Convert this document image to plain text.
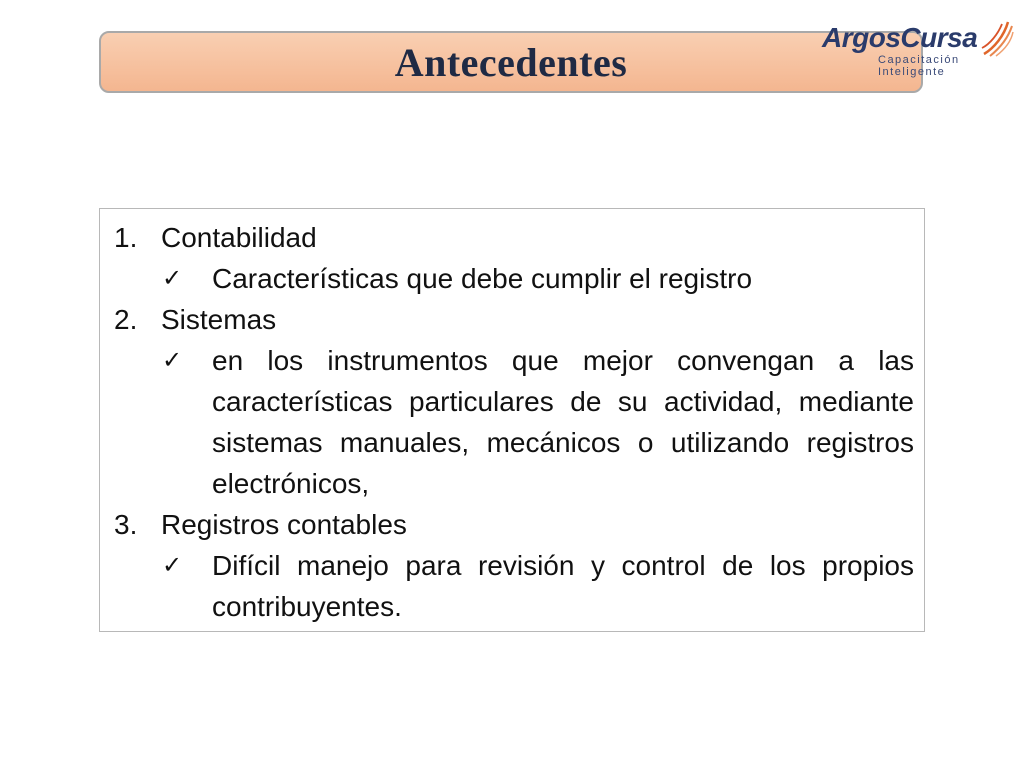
Antecedentes
ArgosCursa
Capacitación
Inteligente
1. Contabilidad
✓	Características que debe cumplir el registro
2. Sistemas
✓	en los instrumentos que mejor convengan a las características particulares de su actividad, mediante sistemas manuales, mecánicos o utilizando registros electrónicos,
3. Registros contables
✓	Difícil manejo para revisión y control de los propios contribuyentes.
